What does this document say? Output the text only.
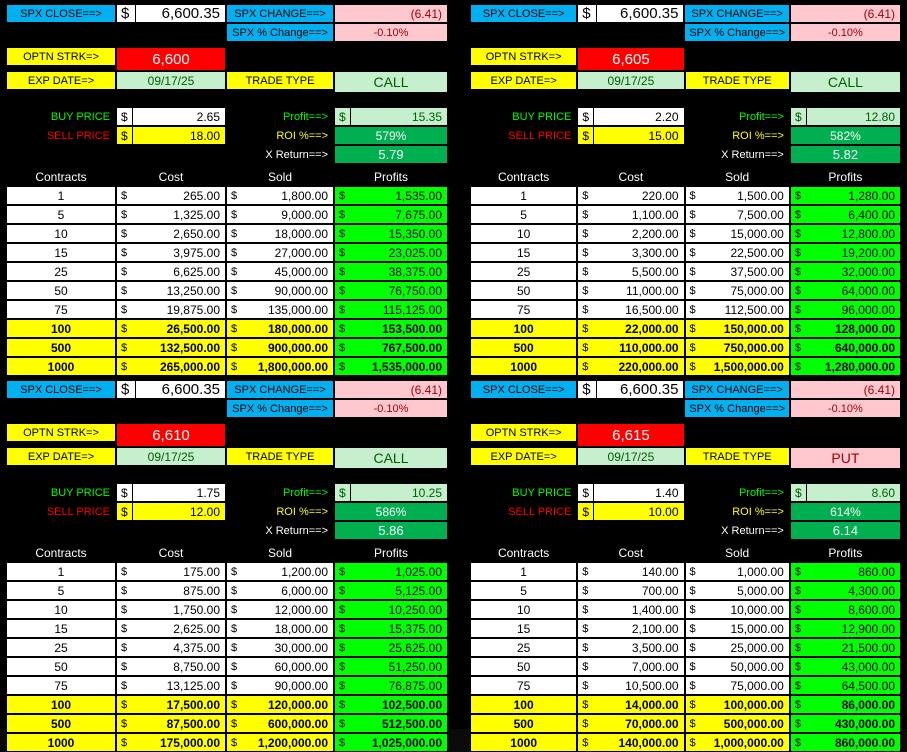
SPX CLOSE==>	$	6,600.35	SPX CHANGE==>	(6.41)
SPX % Change==>	-0.10%
OPTN STRK=>	6,600
EXP DATE=>	09/17/25	TRADE TYPE	CALL
BUY PRICE $	2.65	Profit==> $	15.35
SELL PRICE $	18.00	ROI %==>	579%
X Return==>	5.79
Contracts	Cost	Sold	Profits
1	$	265.00	$	1,800.00	$	1,535.00
5	$	1,325.00	$	9,000.00	$	7,675.00
10	$	2,650.00	$	18,000.00	$	15,350.00
15	$	3,975.00	$	27,000.00	$	23,025.00
25	$	6,625.00	$	45,000.00	$	38,375.00
50	$	13,250.00	$	90,000.00	$	76,750.00
75	$	19,875.00	$	135,000.00	$	115,125.00
100	$	26,500.00	$	180,000.00	$	153,500.00
500	$	132,500.00	$	900,000.00	$	767,500.00
1000	$	265,000.00	$	1,800,000.00	$	1,535,000.00
SPX CLOSE==>	$	6,600.35	SPX CHANGE==>	(6.41)
SPX % Change==>	-0.10%
OPTN STRK=>	6,605
EXP DATE=>	09/17/25	TRADE TYPE	CALL
BUY PRICE $	2.20	Profit==> $	12.80
SELL PRICE $	15.00	ROI %==>	582%
X Return==>	5.82
Contracts	Cost	Sold	Profits
1	$	220.00	$	1,500.00	$	1,280.00
5	$	1,100.00	$	7,500.00	$	6,400.00
10	$	2,200.00	$	15,000.00	$	12,800.00
15	$	3,300.00	$	22,500.00	$	19,200.00
25	$	5,500.00	$	37,500.00	$	32,000.00
50	$	11,000.00	$	75,000.00	$	64,000.00
75	$	16,500.00	$	112,500.00	$	96,000.00
100	$	22,000.00	$	150,000.00	$	128,000.00
500	$	110,000.00	$	750,000.00	$	640,000.00
1000	$	220,000.00	$	1,500,000.00	$	1,280,000.00
SPX CLOSE==>	$	6,600.35	SPX CHANGE==>	(6.41)
SPX % Change==>	-0.10%
OPTN STRK=>	6,610
EXP DATE=>	09/17/25	TRADE TYPE	CALL
BUY PRICE $	1.75	Profit==> $	10.25
SELL PRICE $	12.00	ROI %==>	586%
X Return==>	5.86
Contracts	Cost	Sold	Profits
1	$	175.00	$	1,200.00	$	1,025.00
5	$	875.00	$	6,000.00	$	5,125.00
10	$	1,750.00	$	12,000.00	$	10,250.00
15	$	2,625.00	$	18,000.00	$	15,375.00
25	$	4,375.00	$	30,000.00	$	25,625.00
50	$	8,750.00	$	60,000.00	$	51,250.00
75	$	13,125.00	$	90,000.00	$	76,875.00
100	$	17,500.00	$	120,000.00	$	102,500.00
500	$	87,500.00	$	600,000.00	$	512,500.00
1000	$	175,000.00	$	1,200,000.00	$	1,025,000.00
SPX CLOSE==>	$	6,600.35	SPX CHANGE==>	(6.41)
SPX % Change==>	-0.10%
OPTN STRK=>	6,615
EXP DATE=>	09/17/25	TRADE TYPE	PUT
BUY PRICE $	1.40	Profit==> $	8.60
SELL PRICE $	10.00	ROI %==>	614%
X Return==>	6.14
Contracts	Cost	Sold	Profits
1	$	140.00	$	1,000.00	$	860.00
5	$	700.00	$	5,000.00	$	4,300.00
10	$	1,400.00	$	10,000.00	$	8,600.00
15	$	2,100.00	$	15,000.00	$	12,900.00
25	$	3,500.00	$	25,000.00	$	21,500.00
50	$	7,000.00	$	50,000.00	$	43,000.00
75	$	10,500.00	$	75,000.00	$	64,500.00
100	$	14,000.00	$	100,000.00	$	86,000.00
500	$	70,000.00	$	500,000.00	$	430,000.00
1000	$	140,000.00	$	1,000,000.00	$	860,000.00
